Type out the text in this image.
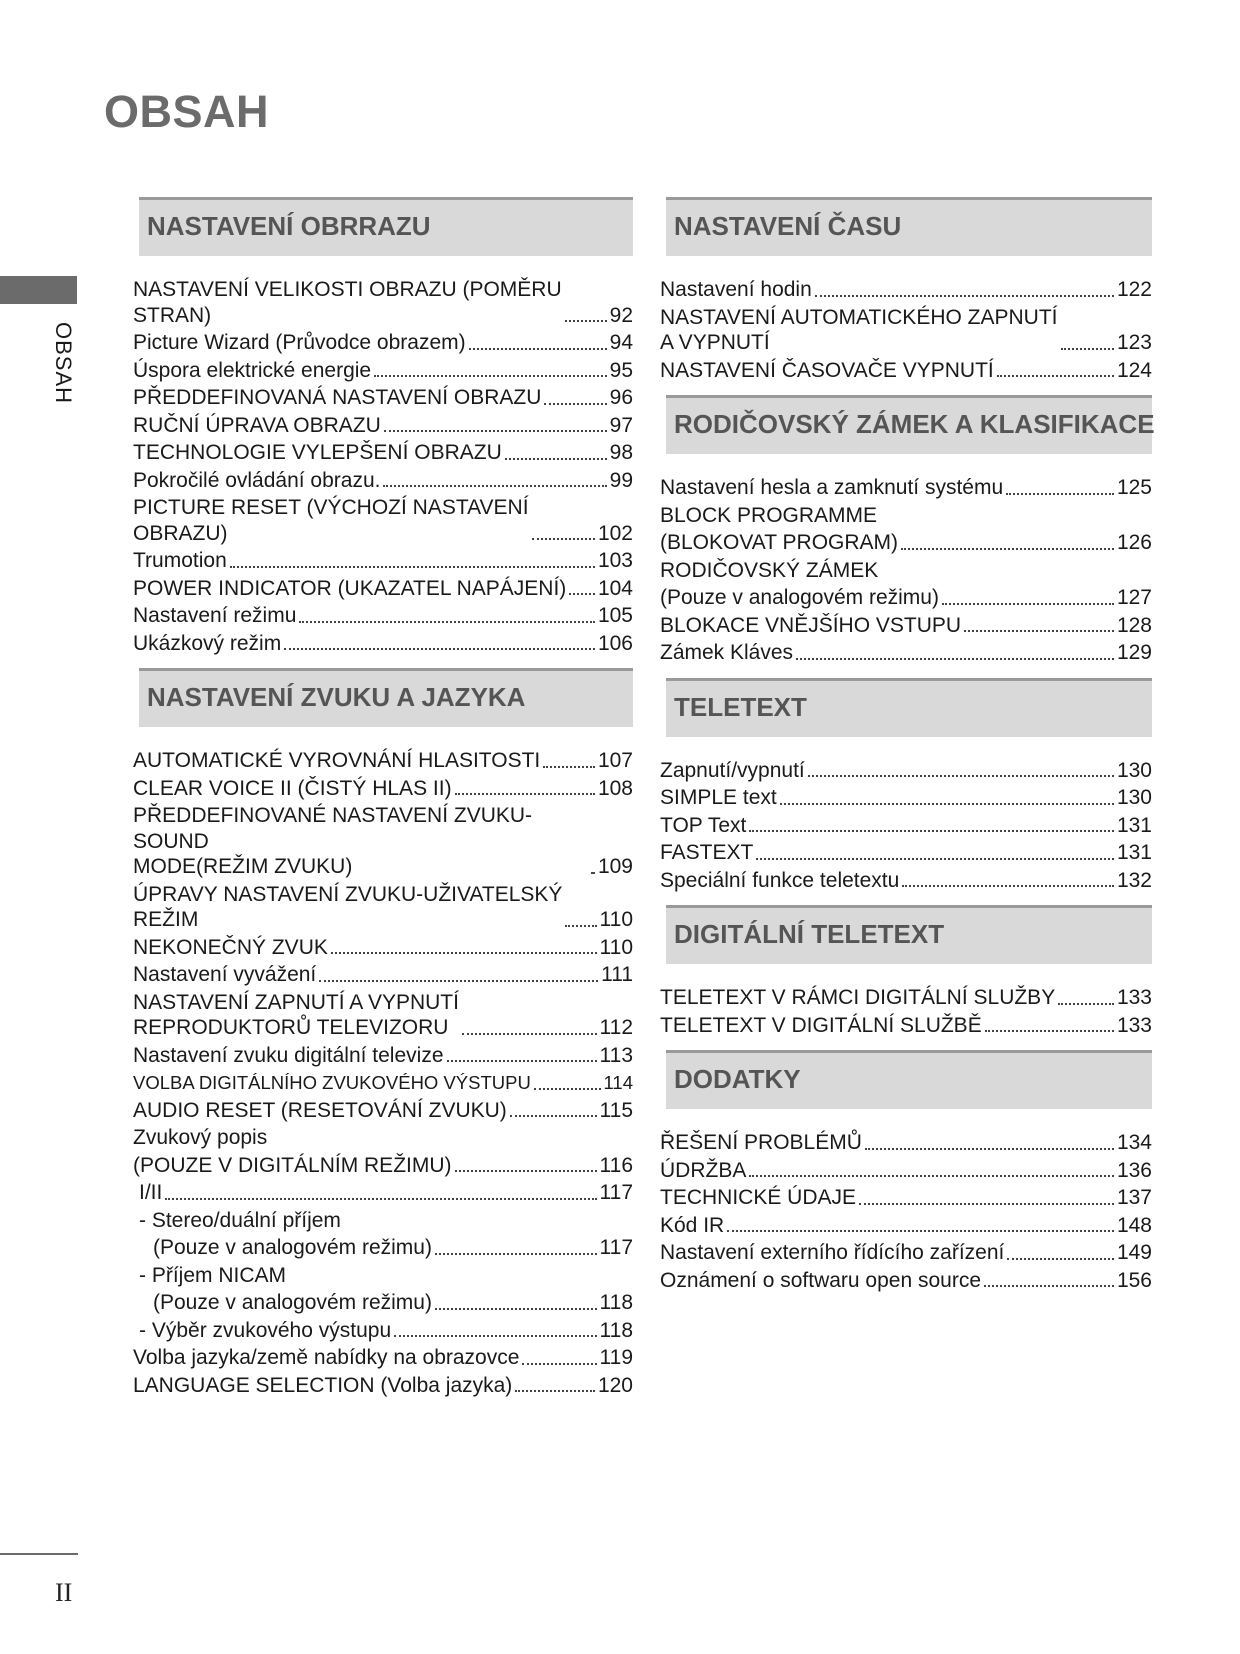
OBSAH
OBSAH
NASTAVENÍ OBRRAZU
NASTAVENÍ VELIKOSTI OBRAZU (POMĚRU
STRAN)	92
Picture Wizard (Průvodce obrazem)	94
Úspora elektrické energie	95
PŘEDDEFINOVANÁ NASTAVENÍ OBRAZU	96
RUČNÍ ÚPRAVA OBRAZU	97
TECHNOLOGIE VYLEPŠENÍ OBRAZU	98
Pokročilé ovládání obrazu.	99
PICTURE RESET (VÝCHOZÍ NASTAVENÍ
OBRAZU)	102
Trumotion	103
POWER INDICATOR (UKAZATEL NAPÁJENÍ) 104
Nastavení režimu	105
Ukázkový režim	106
NASTAVENÍ ZVUKU A JAZYKA
AUTOMATICKÉ VYROVNÁNÍ HLASITOSTI	107
CLEAR VOICE II (ČISTÝ HLAS II)	108
PŘEDDEFINOVANÉ NASTAVENÍ ZVUKU-SOUND
MODE(REŽIM ZVUKU)	109
ÚPRAVY NASTAVENÍ ZVUKU-UŽIVATELSKÝ
REŽIM	110
NEKONEČNÝ ZVUK	110
Nastavení vyvážení	111
NASTAVENÍ ZAPNUTÍ A VYPNUTÍ
REPRODUKTORŮ TELEVIZORU	112
Nastavení zvuku digitální televize	113
VOLBA DIGITÁLNÍHO ZVUKOVÉHO VÝSTUPU	114
AUDIO RESET (RESETOVÁNÍ ZVUKU)	115
Zvukový popis
(POUZE V DIGITÁLNÍM REŽIMU)	116
I/II	117
- Stereo/duální příjem
(Pouze v analogovém režimu)	117
- Příjem NICAM
(Pouze v analogovém režimu)	118
- Výběr zvukového výstupu	118
Volba jazyka/země nabídky na obrazovce	119
LANGUAGE SELECTION (Volba jazyka)	120
NASTAVENÍ ČASU
Nastavení hodin	122
NASTAVENÍ AUTOMATICKÉHO ZAPNUTÍ
A VYPNUTÍ	123
NASTAVENÍ ČASOVAČE VYPNUTÍ	124
RODIČOVSKÝ ZÁMEK A KLASIFIKACE
Nastavení hesla a zamknutí systému	125
BLOCK PROGRAMME
(BLOKOVAT PROGRAM)	126
RODIČOVSKÝ ZÁMEK
(Pouze v analogovém režimu)	127
BLOKACE VNĚJŠÍHO VSTUPU	128
Zámek Kláves	129
TELETEXT
Zapnutí/vypnutí	130
SIMPLE text	130
TOP Text	131
FASTEXT	131
Speciální funkce teletextu	132
DIGITÁLNÍ TELETEXT
TELETEXT V RÁMCI DIGITÁLNÍ SLUŽBY	133
TELETEXT V DIGITÁLNÍ SLUŽBĚ	133
DODATKY
ŘEŠENÍ PROBLÉMŮ	134
ÚDRŽBA	136
TECHNICKÉ ÚDAJE	137
Kód IR	148
Nastavení externího řídícího zařízení	149
Oznámení o softwaru open source	156
II
